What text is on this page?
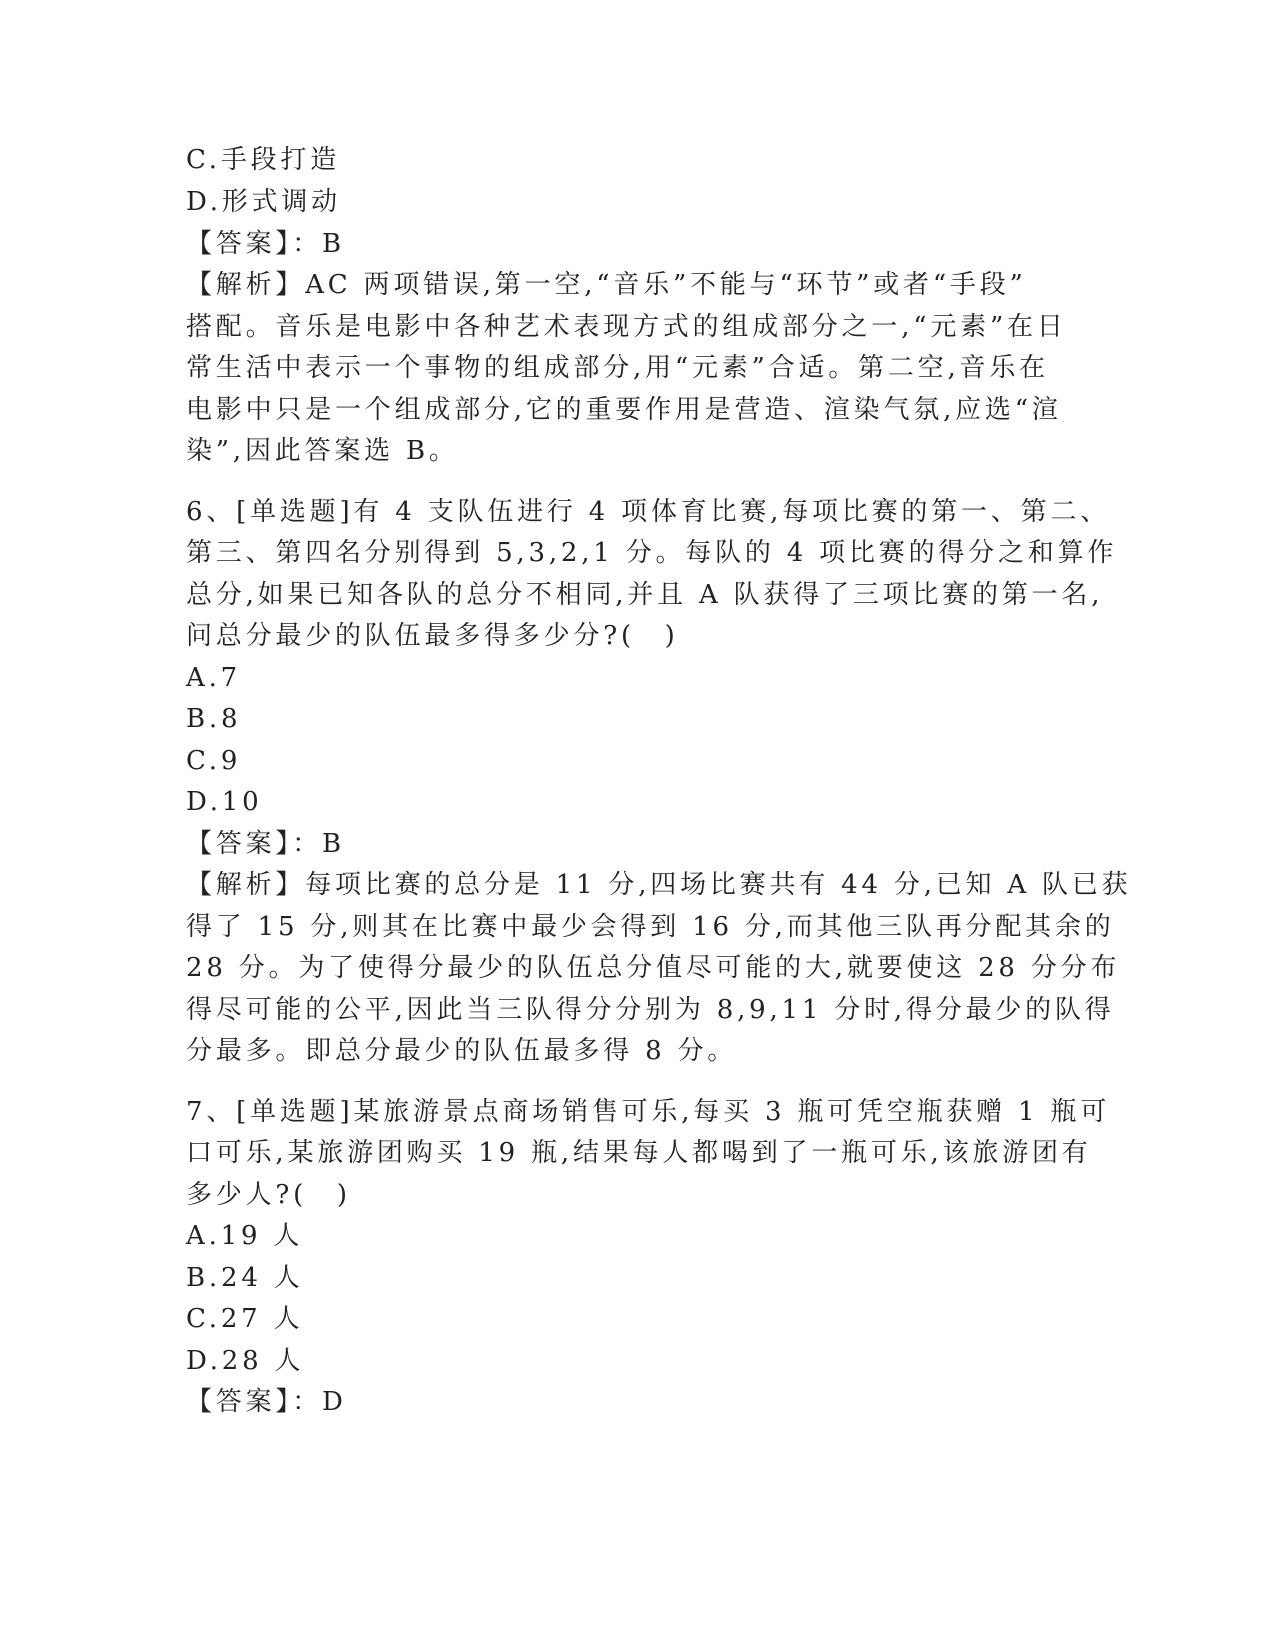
C.手段打造
D.形式调动
【答案】：B
【解析】AC 两项错误,第一空,“音乐”不能与“环节”或者“手段”
搭配。音乐是电影中各种艺术表现方式的组成部分之一,“元素”在日
常生活中表示一个事物的组成部分,用“元素”合适。第二空,音乐在
电影中只是一个组成部分,它的重要作用是营造、渲染气氛,应选“渲
染”,因此答案选 B。
6、[单选题]有 4 支队伍进行 4 项体育比赛,每项比赛的第一、第二、
第三、第四名分别得到 5,3,2,1 分。每队的 4 项比赛的得分之和算作
总分,如果已知各队的总分不相同,并且 A 队获得了三项比赛的第一名,
问总分最少的队伍最多得多少分?(　)
A.7
B.8
C.9
D.10
【答案】：B
【解析】每项比赛的总分是 11 分,四场比赛共有 44 分,已知 A 队已获
得了 15 分,则其在比赛中最少会得到 16 分,而其他三队再分配其余的
28 分。为了使得分最少的队伍总分值尽可能的大,就要使这 28 分分布
得尽可能的公平,因此当三队得分分别为 8,9,11 分时,得分最少的队得
分最多。即总分最少的队伍最多得 8 分。
7、[单选题]某旅游景点商场销售可乐,每买 3 瓶可凭空瓶获赠 1 瓶可
口可乐,某旅游团购买 19 瓶,结果每人都喝到了一瓶可乐,该旅游团有
多少人?(　)
A.19 人
B.24 人
C.27 人
D.28 人
【答案】：D
